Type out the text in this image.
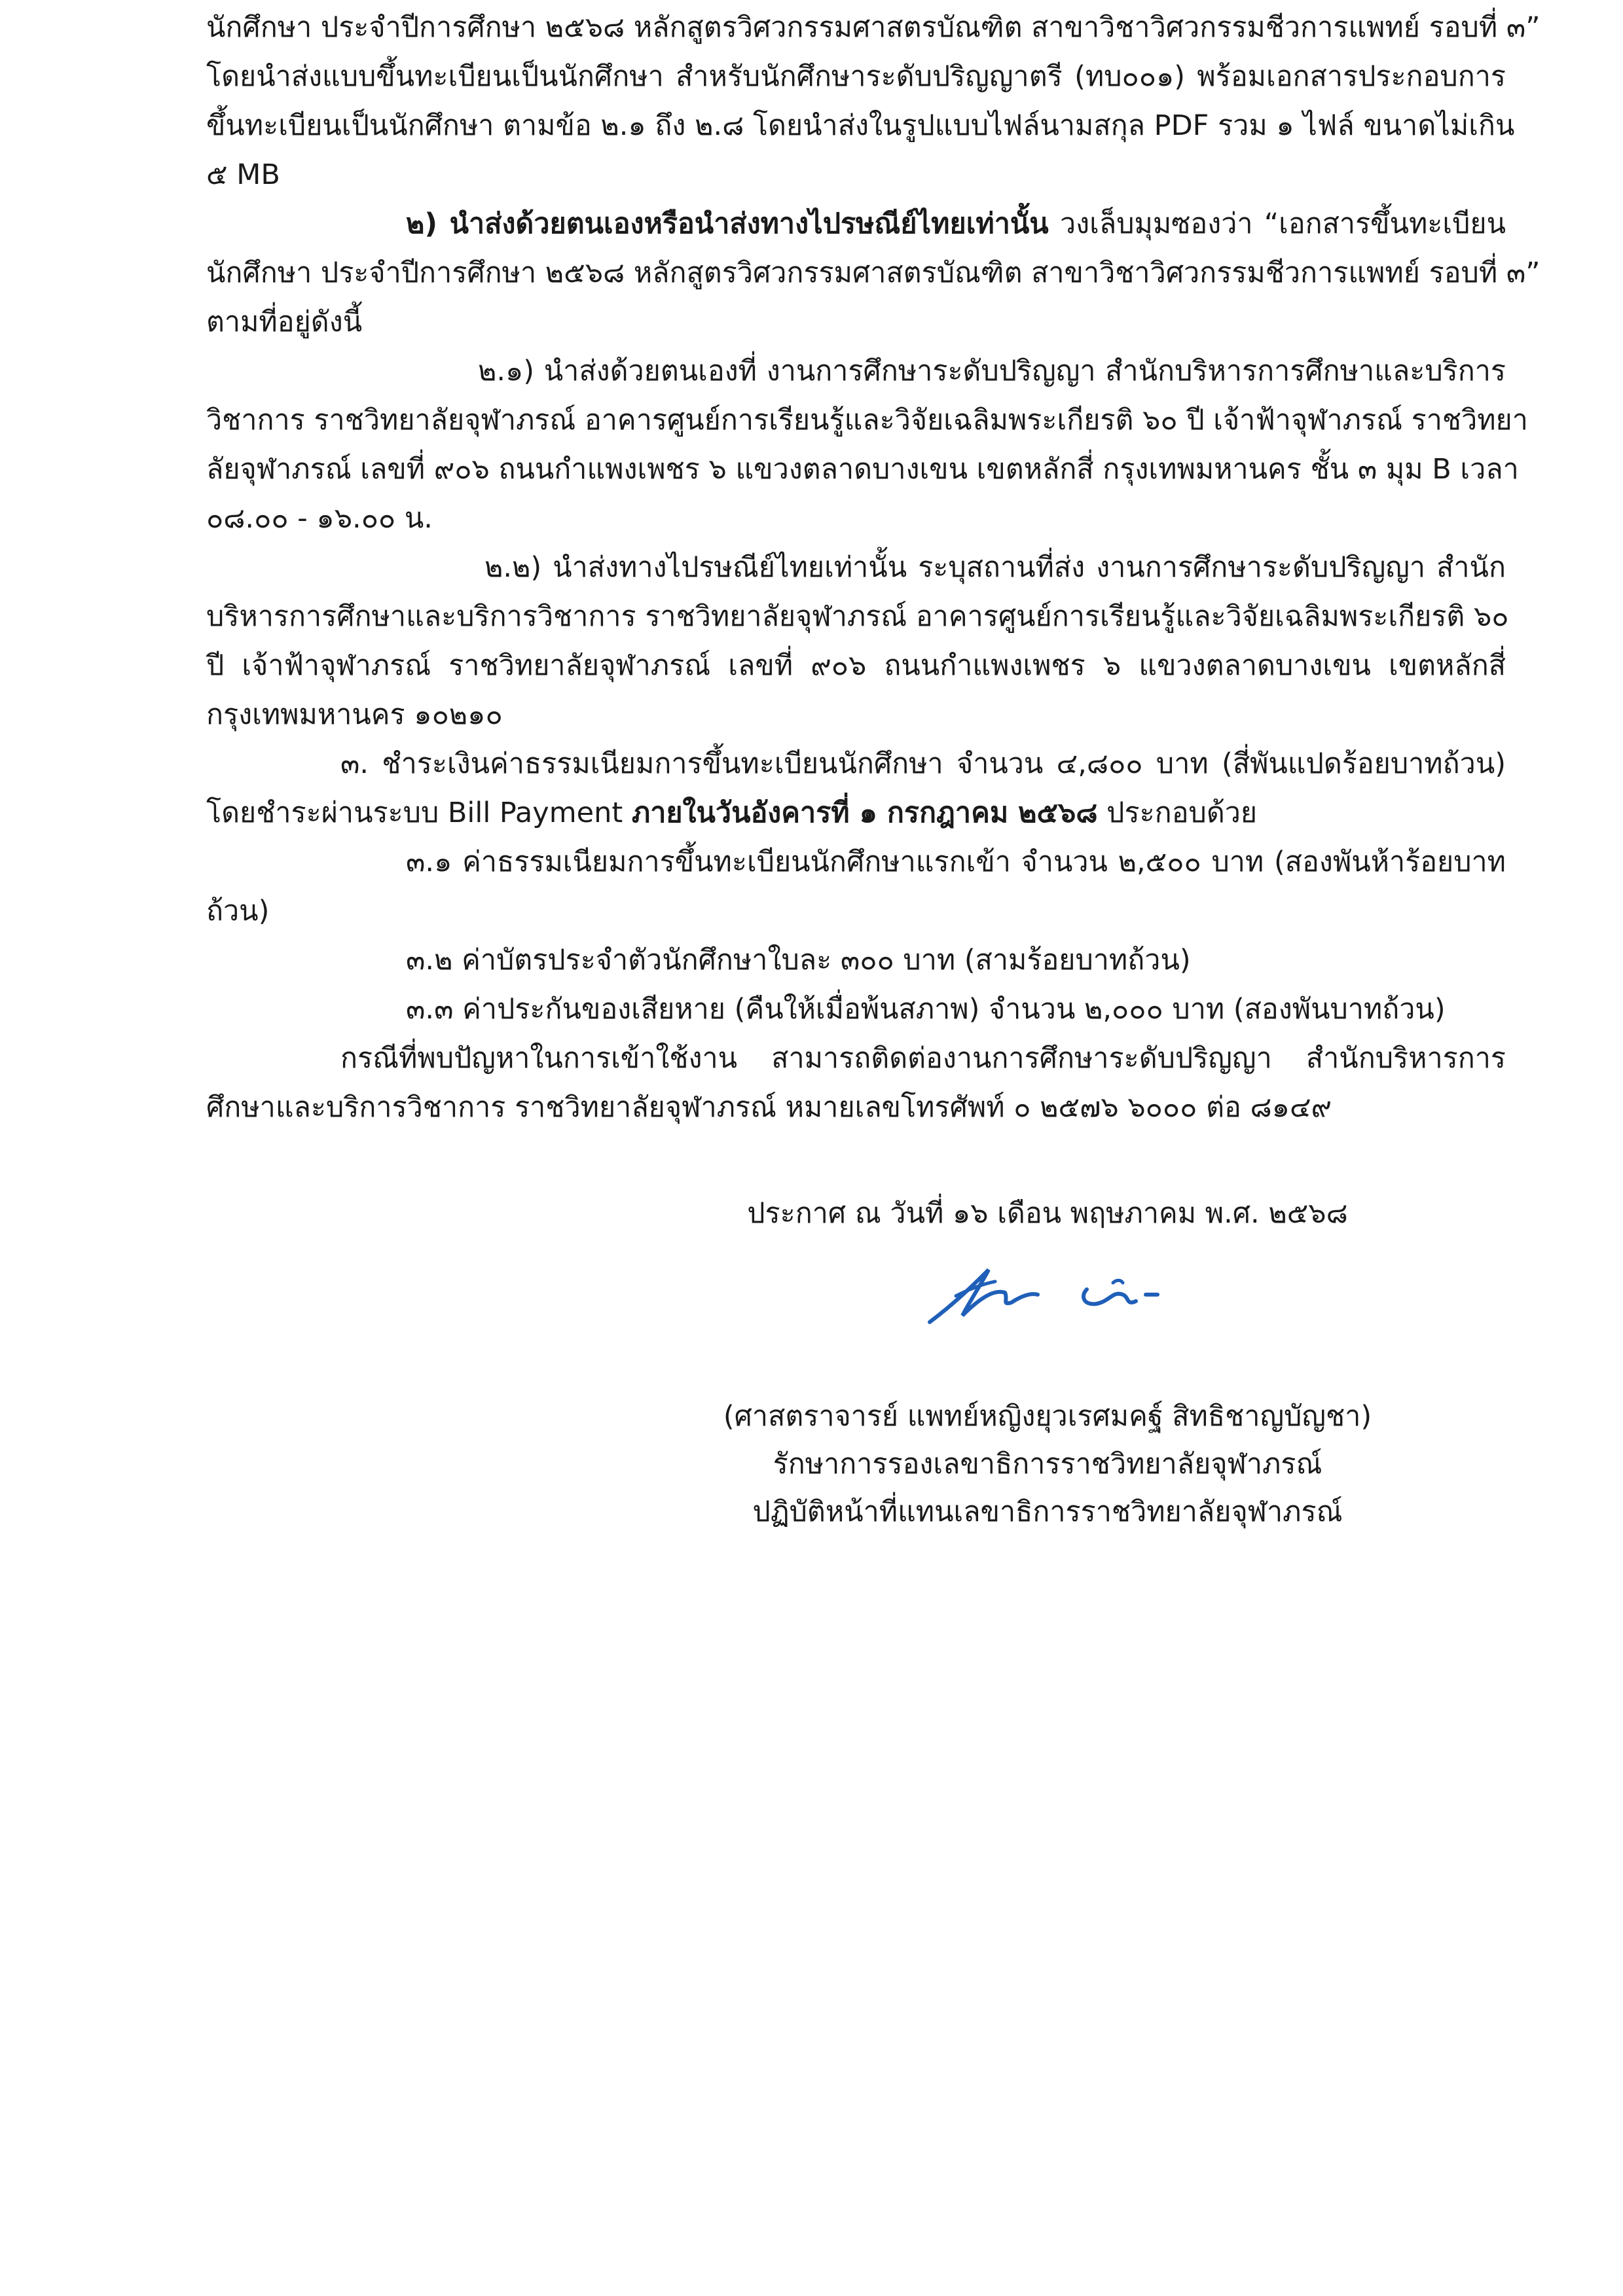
นักศึกษา ประจำปีการศึกษา ๒๕๖๘ หลักสูตรวิศวกรรมศาสตรบัณฑิต สาขาวิชาวิศวกรรมชีวการแพทย์ รอบที่ ๓”
โดยนำส่งแบบขึ้นทะเบียนเป็นนักศึกษา สำหรับนักศึกษาระดับปริญญาตรี (ทบ๐๐๑) พร้อมเอกสารประกอบการ
ขึ้นทะเบียนเป็นนักศึกษา ตามข้อ ๒.๑ ถึง ๒.๘ โดยนำส่งในรูปแบบไฟล์นามสกุล PDF รวม ๑ ไฟล์ ขนาดไม่เกิน
๕ MB
๒) นำส่งด้วยตนเองหรือนำส่งทางไปรษณีย์ไทยเท่านั้น วงเล็บมุมซองว่า “เอกสารขึ้นทะเบียน
นักศึกษา ประจำปีการศึกษา ๒๕๖๘ หลักสูตรวิศวกรรมศาสตรบัณฑิต สาขาวิชาวิศวกรรมชีวการแพทย์ รอบที่ ๓”
ตามที่อยู่ดังนี้
๒.๑) นำส่งด้วยตนเองที่ งานการศึกษาระดับปริญญา สำนักบริหารการศึกษาและบริการ
วิชาการ ราชวิทยาลัยจุฬาภรณ์ อาคารศูนย์การเรียนรู้และวิจัยเฉลิมพระเกียรติ ๖๐ ปี เจ้าฟ้าจุฬาภรณ์ ราชวิทยา
ลัยจุฬาภรณ์ เลขที่ ๙๐๖ ถนนกำแพงเพชร ๖ แขวงตลาดบางเขน เขตหลักสี่ กรุงเทพมหานคร ชั้น ๓ มุม B เวลา
๐๘.๐๐ - ๑๖.๐๐ น.
๒.๒) นำส่งทางไปรษณีย์ไทยเท่านั้น ระบุสถานที่ส่ง งานการศึกษาระดับปริญญา สำนัก
บริหารการศึกษาและบริการวิชาการ ราชวิทยาลัยจุฬาภรณ์ อาคารศูนย์การเรียนรู้และวิจัยเฉลิมพระเกียรติ ๖๐
ปี เจ้าฟ้าจุฬาภรณ์ ราชวิทยาลัยจุฬาภรณ์ เลขที่ ๙๐๖ ถนนกำแพงเพชร ๖ แขวงตลาดบางเขน เขตหลักสี่
กรุงเทพมหานคร ๑๐๒๑๐
๓. ชำระเงินค่าธรรมเนียมการขึ้นทะเบียนนักศึกษา จำนวน ๔,๘๐๐ บาท (สี่พันแปดร้อยบาทถ้วน)
โดยชำระผ่านระบบ Bill Payment ภายในวันอังคารที่ ๑ กรกฎาคม ๒๕๖๘ ประกอบด้วย
๓.๑ ค่าธรรมเนียมการขึ้นทะเบียนนักศึกษาแรกเข้า จำนวน ๒,๕๐๐ บาท (สองพันห้าร้อยบาท
ถ้วน)
๓.๒ ค่าบัตรประจำตัวนักศึกษาใบละ ๓๐๐ บาท (สามร้อยบาทถ้วน)
๓.๓ ค่าประกันของเสียหาย (คืนให้เมื่อพ้นสภาพ) จำนวน ๒,๐๐๐ บาท (สองพันบาทถ้วน)
กรณีที่พบปัญหาในการเข้าใช้งาน สามารถติดต่องานการศึกษาระดับปริญญา สำนักบริหารการ
ศึกษาและบริการวิชาการ ราชวิทยาลัยจุฬาภรณ์ หมายเลขโทรศัพท์ ๐ ๒๕๗๖ ๖๐๐๐ ต่อ ๘๑๔๙
ประกาศ ณ วันที่ ๑๖ เดือน พฤษภาคม พ.ศ. ๒๕๖๘
(ศาสตราจารย์ แพทย์หญิงยุวเรศมคฐ์ สิทธิชาญบัญชา)
รักษาการรองเลขาธิการราชวิทยาลัยจุฬาภรณ์
ปฏิบัติหน้าที่แทนเลขาธิการราชวิทยาลัยจุฬาภรณ์
